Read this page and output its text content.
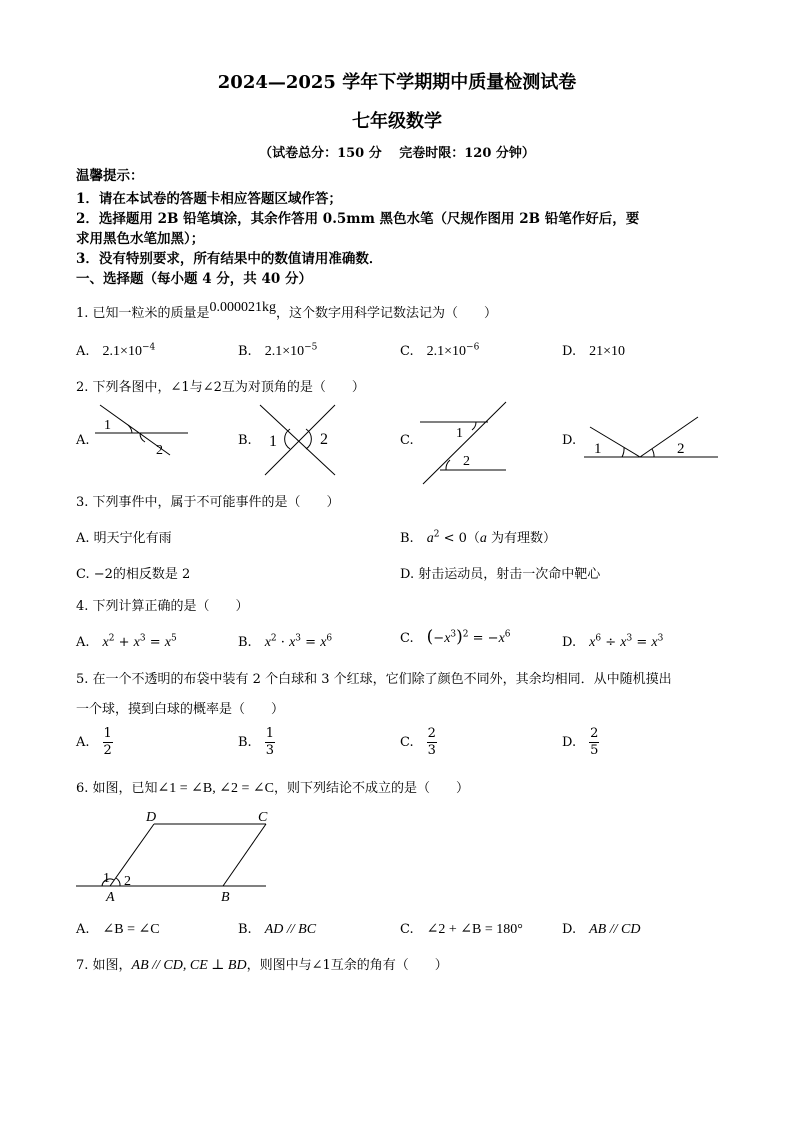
2024—2025 学年下学期期中质量检测试卷
七年级数学
（试卷总分：150 分　 完卷时限：120 分钟）
温馨提示：
1．请在本试卷的答题卡相应答题区域作答；
2．选择题用 2B 铅笔填涂，其余作答用 0.5mm 黑色水笔（尺规作图用 2B 铅笔作好后，要
求用黑色水笔加黑）；
3．没有特别要求，所有结果中的数值请用准确数．
一、选择题（每小题 4 分，共 40 分）
1. 已知一粒米的质量是0.000021kg，这个数字用科学记数法记为（　　）
A.　 $2.1\times 10^{-4}$	B.　 $2.1\times 10^{-5}$	C.　 $2.1\times 10^{-6}$	D.　 21×10
2. 下列各图中，∠1与∠2互为对顶角的是（　　）
A.	B.	C.	D.
1
2
1	2	1
2
1	2
3. 下列事件中，属于不可能事件的是（　　）
A. 明天宁化有雨	B.　 $a^2 < 0(a$ 为有理数）
C. −2的相反数是 2	D. 射击运动员，射击一次命中靶心
4. 下列计算正确的是（　　）
A.　 $x^2 + x^3 = x^5$	B.　 $x^2 \cdot x^3 = x^6$	C.　 $(-x^3)^2 = -x^6$
D.　 $x^6 \div x^3 = x^3$
5. 在一个不透明的布袋中装有 2 个白球和 3 个红球，它们除了颜色不同外，其余均相同．从中随机摸出
一个球，摸到白球的概率是（　　）
A.　 $\frac{1}{2}$	B.　 $\frac{1}{3}$	C.　 $\frac{2}{3}$	D.　 $\frac{2}{5}$
6. 如图，已知∠1 = ∠B, ∠2 = ∠C，则下列结论不成立的是（　　）
D	C
1 2
A	B
A.　 ∠B = ∠C	B.　 AD // BC	C.　 ∠2 + ∠B = 180°	D.　 AB // CD
7. 如图，AB // CD, CE ⊥ BD，则图中与∠1互余的角有（　　）
